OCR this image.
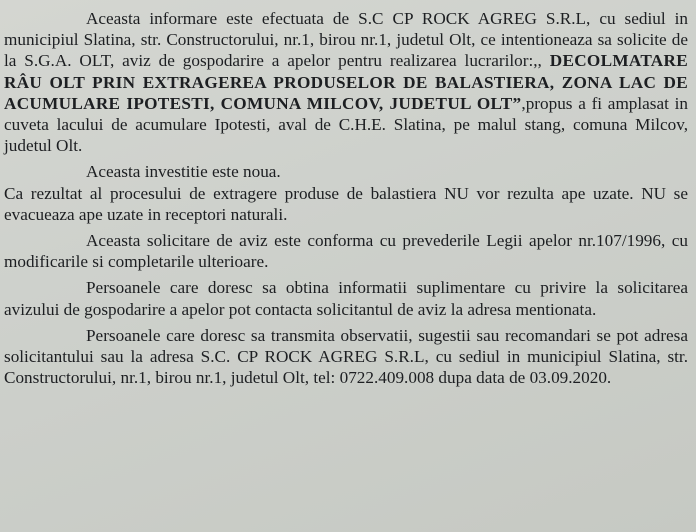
Aceasta informare este efectuata de S.C CP ROCK AGREG S.R.L, cu sediul in municipiul Slatina, str. Constructorului, nr.1, birou nr.1, judetul Olt, ce intentioneaza sa solicite de la S.G.A. OLT, aviz de gospodarire a apelor pentru realizarea lucrarilor:,, DECOLMATARE RÂU OLT PRIN EXTRAGEREA PRODUSELOR DE BALASTIERA, ZONA LAC DE ACUMULARE IPOTESTI, COMUNA MILCOV, JUDETUL OLT”,propus a fi amplasat in cuveta lacului de acumulare Ipotesti, aval de C.H.E. Slatina, pe malul stang, comuna Milcov, judetul Olt.

Aceasta investitie este noua.

Ca rezultat al procesului de extragere produse de balastiera NU vor rezulta ape uzate. NU se evacueaza ape uzate in receptori naturali.

Aceasta solicitare de aviz este conforma cu prevederile Legii apelor nr.107/1996, cu modificarile si completarile ulterioare.

Persoanele care doresc sa obtina informatii suplimentare cu privire la solicitarea avizului de gospodarire a apelor pot contacta solicitantul de aviz la adresa mentionata.

Persoanele care doresc sa transmita observatii, sugestii sau recomandari se pot adresa solicitantului sau la adresa S.C. CP ROCK AGREG S.R.L, cu sediul in municipiul Slatina, str. Constructorului, nr.1, birou nr.1, judetul Olt, tel: 0722.409.008 dupa data de 03.09.2020.
